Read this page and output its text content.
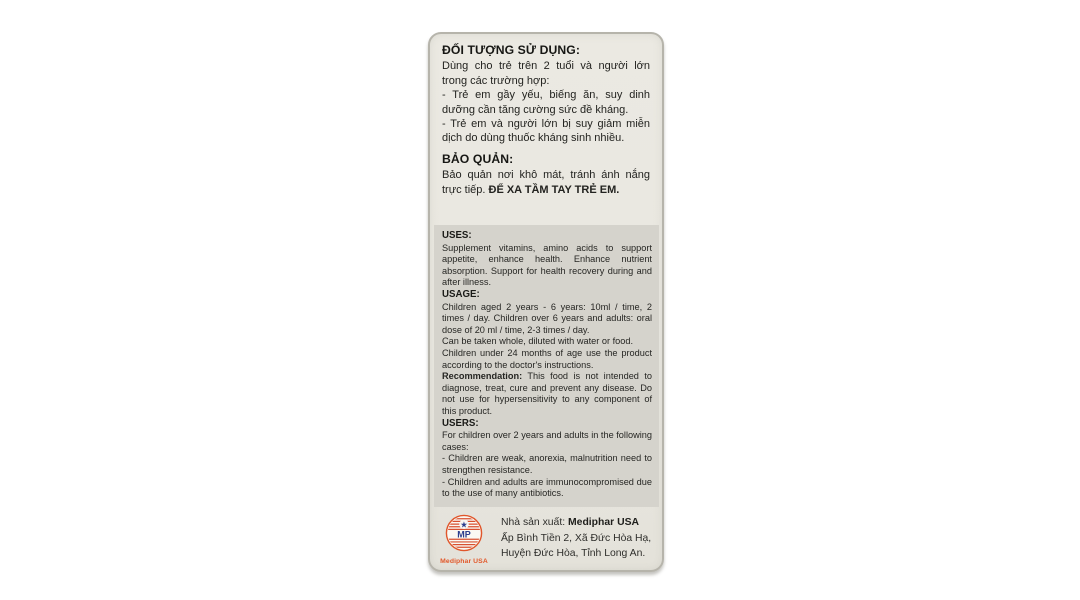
ĐỐI TƯỢNG SỬ DỤNG:

Dùng cho trẻ trên 2 tuổi và người lớn trong các trường hợp:

- Trẻ em gầy yếu, biếng ăn, suy dinh dưỡng cần tăng cường sức đề kháng.

- Trẻ em và người lớn bị suy giảm miễn dịch do dùng thuốc kháng sinh nhiều.

BẢO QUẢN:

Bảo quản nơi khô mát, tránh ánh nắng trực tiếp. ĐỂ XA TẦM TAY TRẺ EM.

USES:

Supplement vitamins, amino acids to support appetite, enhance health. Enhance nutrient absorption. Support for health recovery during and after illness.

USAGE:

Children aged 2 years - 6 years: 10ml / time, 2 times / day. Children over 6 years and adults: oral dose of 20 ml / time, 2-3 times / day.

Can be taken whole, diluted with water or food.

Children under 24 months of age use the product according to the doctor's instructions.

Recommendation: This food is not intended to diagnose, treat, cure and prevent any disease. Do not use for hypersensitivity to any component of this product.

USERS:

For children over 2 years and adults in the following cases:

- Children are weak, anorexia, malnutrition need to strengthen resistance.

- Children and adults are immunocompromised due to the use of many antibiotics.

★
MP
Mediphar USA
Nhà sản xuất: Mediphar USA
Ấp Bình Tiền 2, Xã Đức Hòa Hạ,
Huyện Đức Hòa, Tỉnh Long An.
